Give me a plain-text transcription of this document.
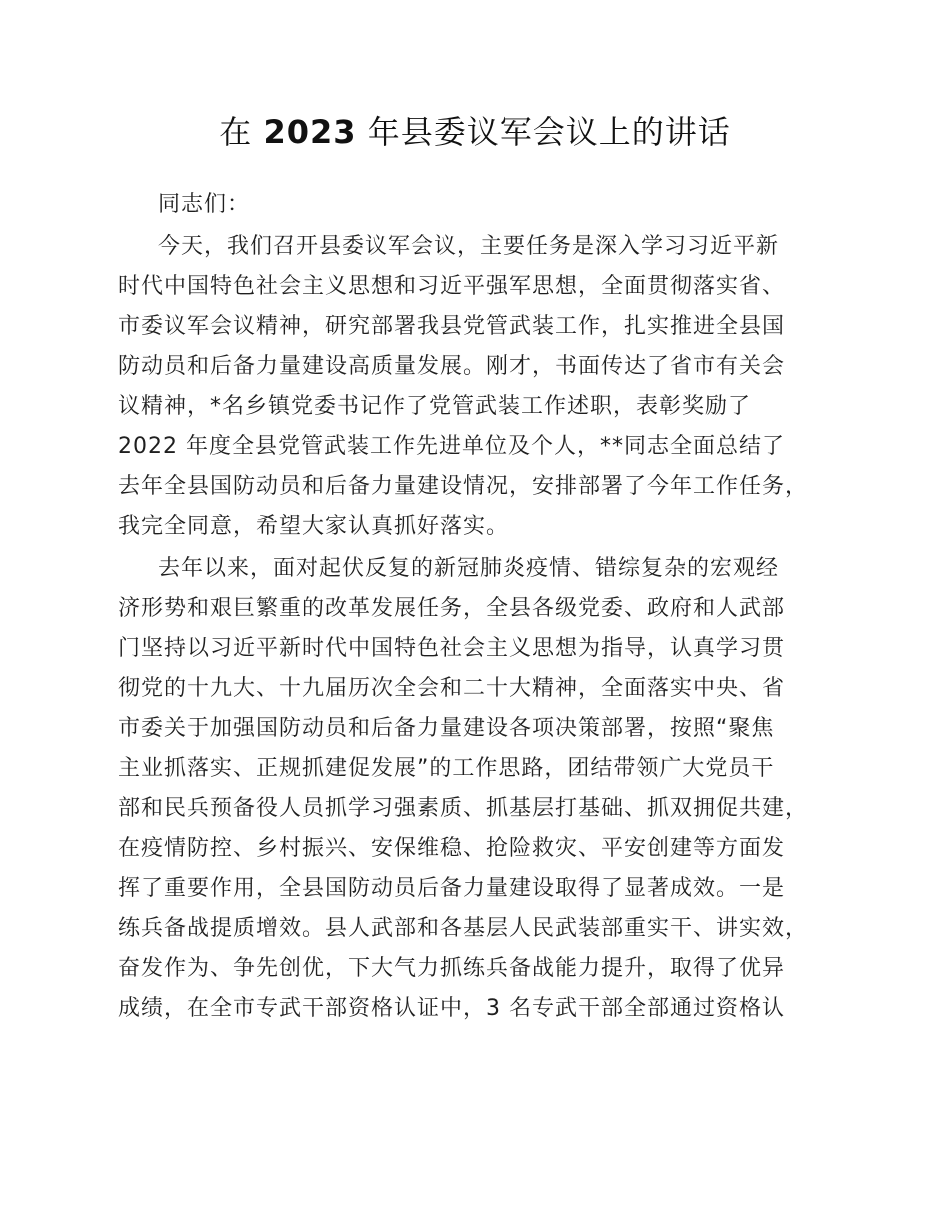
在 2023 年县委议军会议上的讲话
同志们：
今天，我们召开县委议军会议，主要任务是深入学习习近平新
时代中国特色社会主义思想和习近平强军思想，全面贯彻落实省、
市委议军会议精神，研究部署我县党管武装工作，扎实推进全县国
防动员和后备力量建设高质量发展。刚才，书面传达了省市有关会
议精神，*名乡镇党委书记作了党管武装工作述职，表彰奖励了
2022 年度全县党管武装工作先进单位及个人，**同志全面总结了
去年全县国防动员和后备力量建设情况，安排部署了今年工作任务，
我完全同意，希望大家认真抓好落实。
去年以来，面对起伏反复的新冠肺炎疫情、错综复杂的宏观经
济形势和艰巨繁重的改革发展任务，全县各级党委、政府和人武部
门坚持以习近平新时代中国特色社会主义思想为指导，认真学习贯
彻党的十九大、十九届历次全会和二十大精神，全面落实中央、省
市委关于加强国防动员和后备力量建设各项决策部署，按照“聚焦
主业抓落实、正规抓建促发展”的工作思路，团结带领广大党员干
部和民兵预备役人员抓学习强素质、抓基层打基础、抓双拥促共建，
在疫情防控、乡村振兴、安保维稳、抢险救灾、平安创建等方面发
挥了重要作用，全县国防动员后备力量建设取得了显著成效。一是
练兵备战提质增效。县人武部和各基层人民武装部重实干、讲实效，
奋发作为、争先创优，下大气力抓练兵备战能力提升，取得了优异
成绩，在全市专武干部资格认证中，3 名专武干部全部通过资格认
